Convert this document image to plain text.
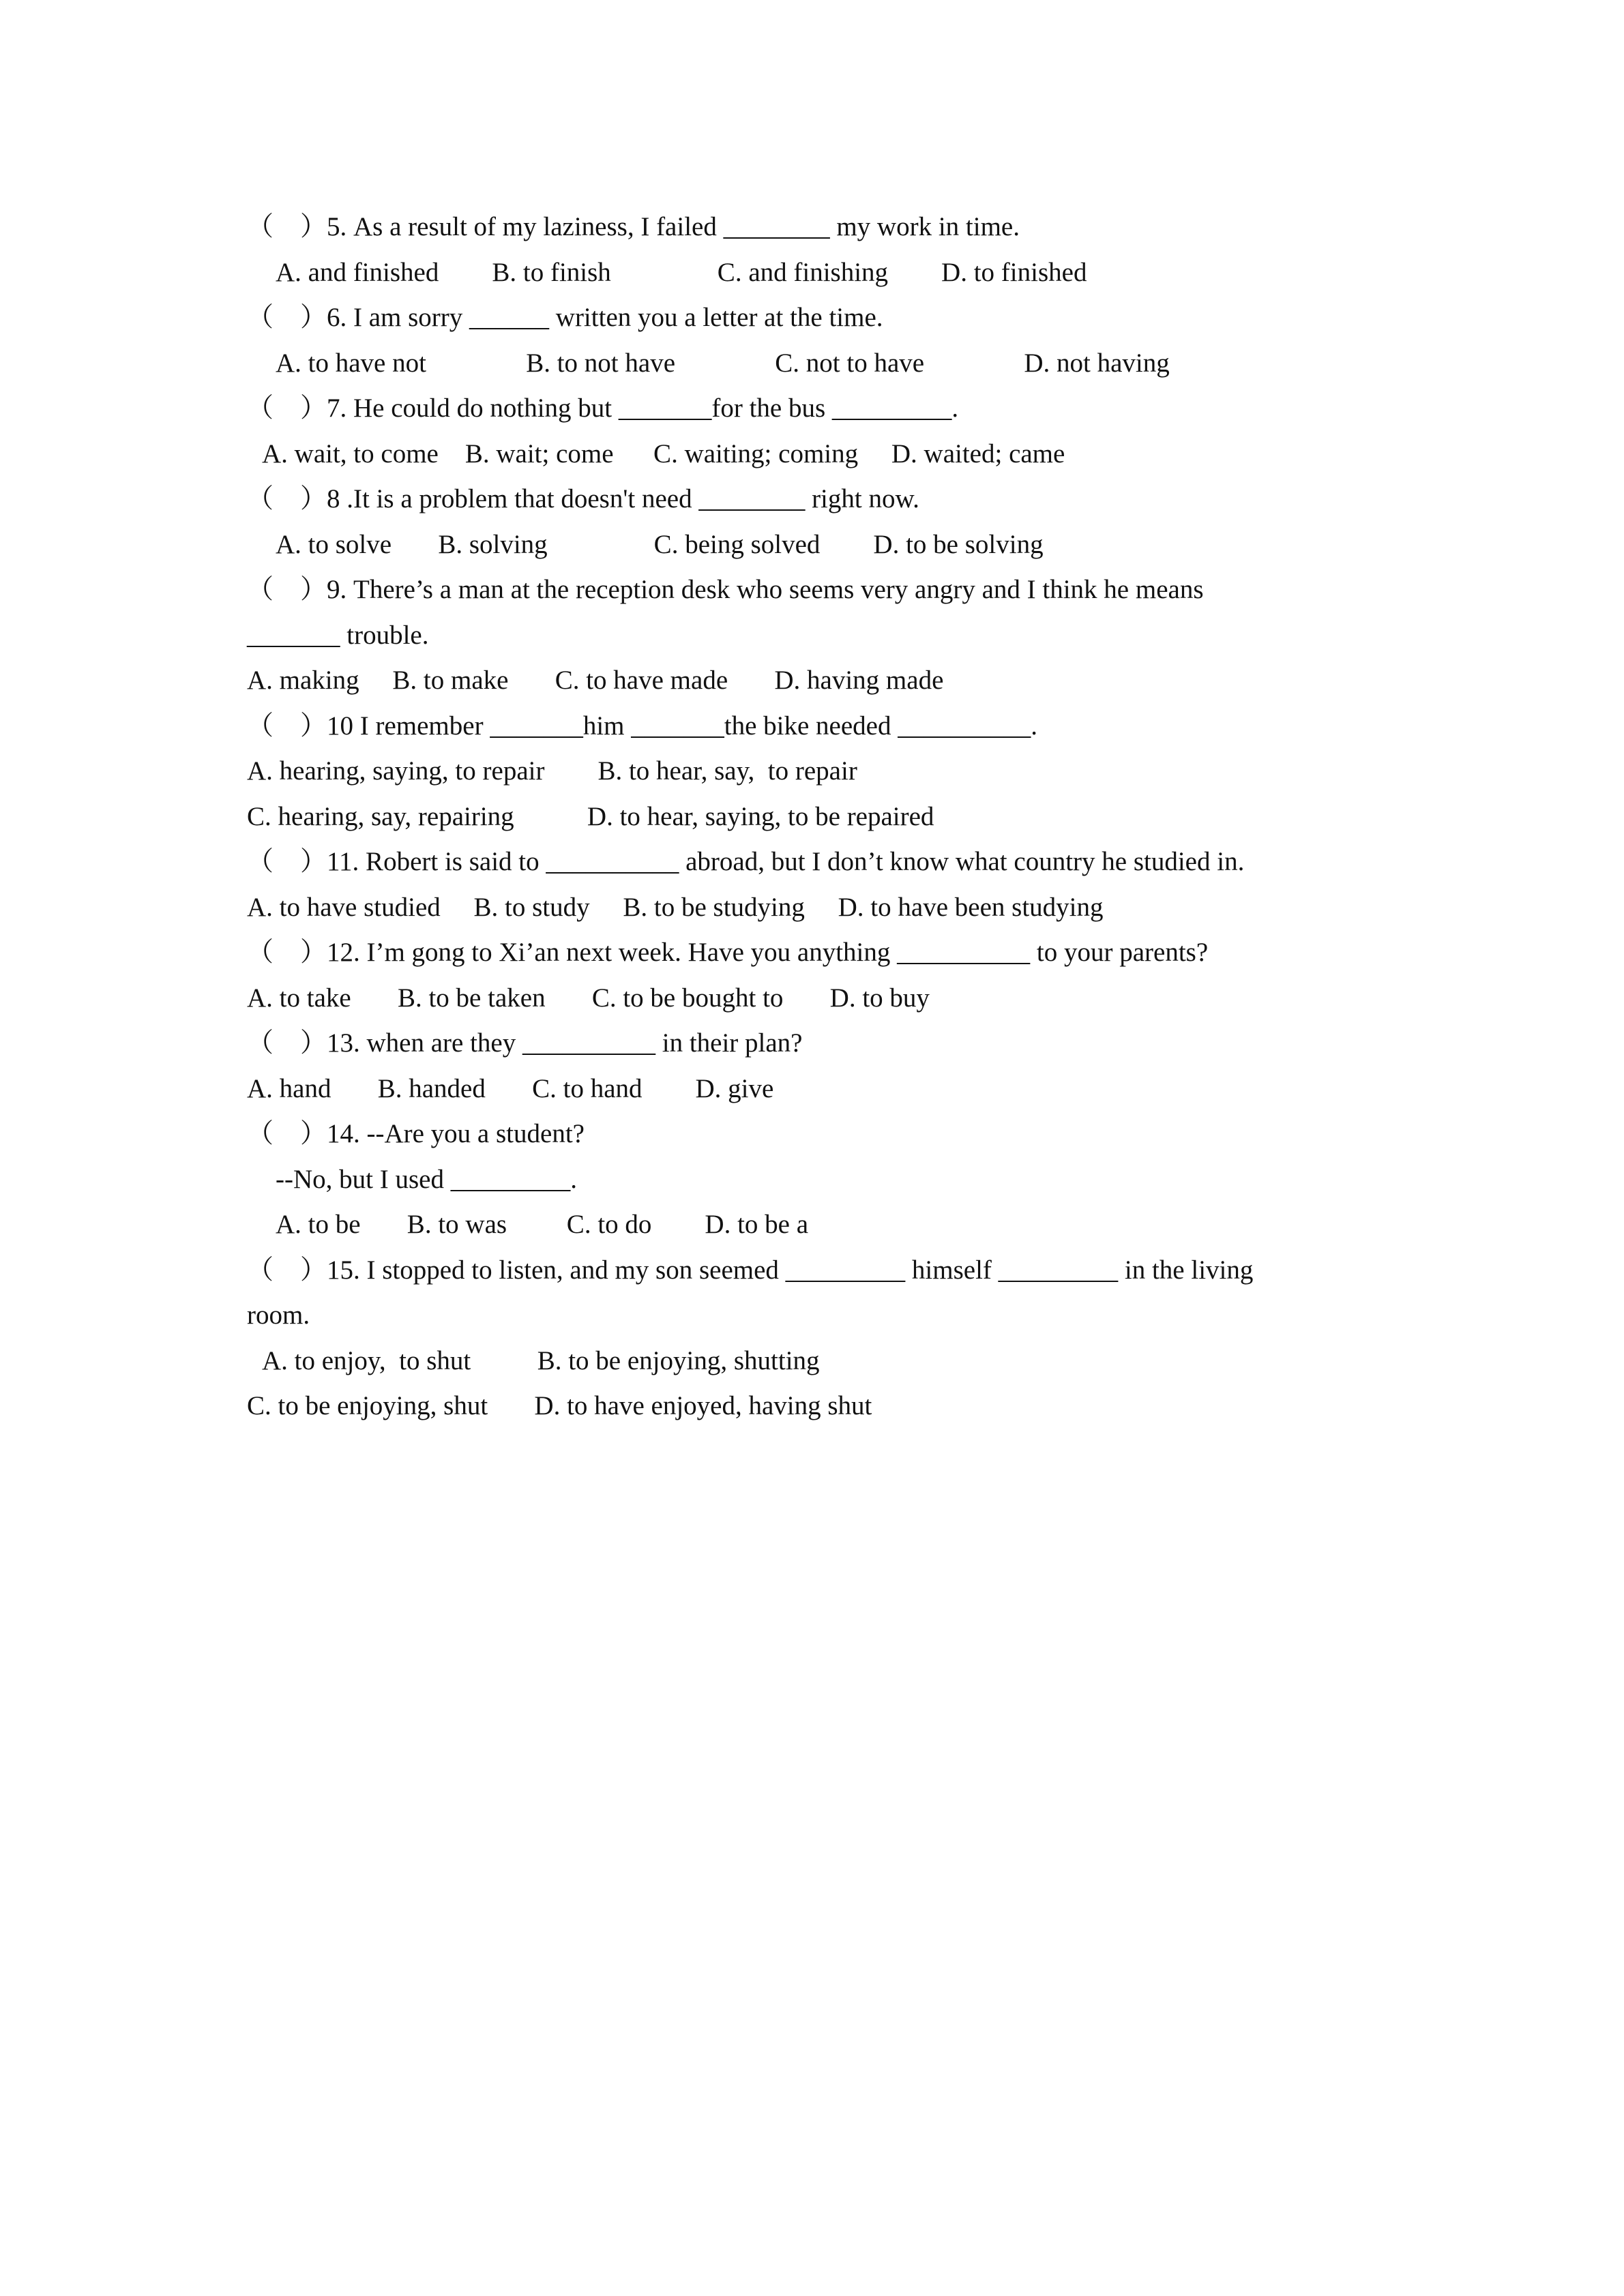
（　）5. As a result of my laziness, I failed ________ my work in time.
A. and finished        B. to finish                C. and finishing        D. to finished
（　）6. I am sorry ______ written you a letter at the time.
A. to have not               B. to not have               C. not to have               D. not having
（　）7. He could do nothing but _______for the bus _________.
A. wait, to come    B. wait; come      C. waiting; coming     D. waited; came
（　）8 .It is a problem that doesn't need ________ right now.
A. to solve       B. solving                C. being solved        D. to be solving
（　）9. There’s a man at the reception desk who seems very angry and I think he means
_______ trouble.
A. making     B. to make       C. to have made       D. having made
（　）10 I remember _______him _______the bike needed __________.
A. hearing, saying, to repair        B. to hear, say,  to repair
C. hearing, say, repairing           D. to hear, saying, to be repaired
（　）11. Robert is said to __________ abroad, but I don’t know what country he studied in.
A. to have studied     B. to study     B. to be studying     D. to have been studying
（　）12. I’m gong to Xi’an next week. Have you anything __________ to your parents?
A. to take       B. to be taken       C. to be bought to       D. to buy
（　）13. when are they __________ in their plan?
A. hand       B. handed       C. to hand        D. give
（　）14. --Are you a student?
--No, but I used _________.
A. to be       B. to was         C. to do        D. to be a
（　）15. I stopped to listen, and my son seemed _________ himself _________ in the living
room.
A. to enjoy,  to shut          B. to be enjoying, shutting
C. to be enjoying, shut       D. to have enjoyed, having shut
